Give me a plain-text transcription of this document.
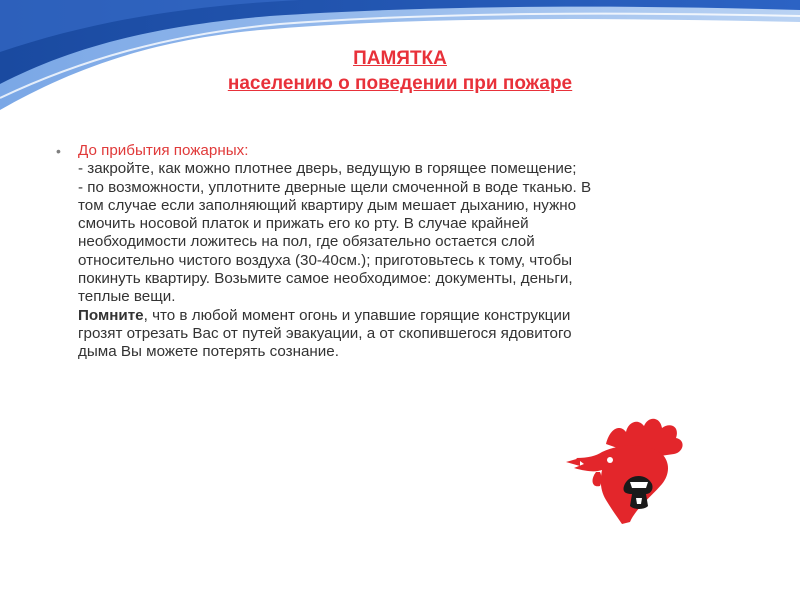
ПАМЯТКА
населению о поведении при пожаре
•	До прибытия пожарных:
- закройте, как можно плотнее дверь, ведущую в горящее помещение;
- по возможности, уплотните дверные щели смоченной в воде тканью. В
том случае если заполняющий квартиру дым мешает дыханию, нужно
смочить носовой платок и прижать его ко рту. В случае крайней
необходимости ложитесь на пол, где обязательно остается слой
относительно чистого воздуха (30-40см.); приготовьтесь к тому, чтобы
покинуть квартиру. Возьмите самое необходимое: документы, деньги,
теплые вещи.
Помните, что в любой момент огонь и упавшие горящие конструкции
грозят отрезать Вас от путей эвакуации, а от скопившегося ядовитого
дыма Вы можете потерять сознание.
